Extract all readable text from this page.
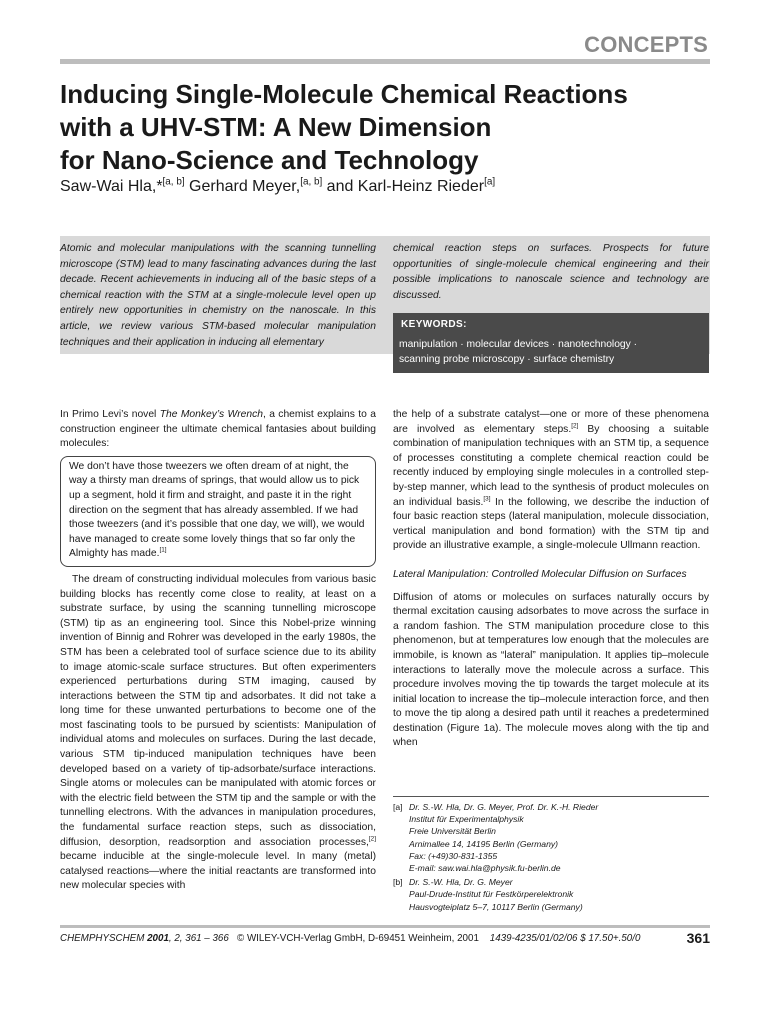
CONCEPTS
Inducing Single-Molecule Chemical Reactions
with a UHV-STM: A New Dimension
for Nano-Science and Technology
Saw-Wai Hla,*[a, b] Gerhard Meyer,[a, b] and Karl-Heinz Rieder[a]
Atomic and molecular manipulations with the scanning tunnelling microscope (STM) lead to many fascinating advances during the last decade. Recent achievements in inducing all of the basic steps of a chemical reaction with the STM at a single-molecule level open up entirely new opportunities in chemistry on the nanoscale. In this article, we review various STM-based molecular manipulation techniques and their application in inducing all elementary
chemical reaction steps on surfaces. Prospects for future opportunities of single-molecule chemical engineering and their possible implications to nanoscale science and technology are discussed.
KEYWORDS:
manipulation · molecular devices · nanotechnology ·
scanning probe microscopy · surface chemistry

In Primo Levi’s novel The Monkey’s Wrench, a chemist explains to a construction engineer the ultimate chemical fantasies about building molecules:

We don’t have those tweezers we often dream of at night, the way a thirsty man dreams of springs, that would allow us to pick up a segment, hold it firm and straight, and paste it in the right direction on the segment that has already assembled. If we had those tweezers (and it’s possible that one day, we will), we would have managed to create some lovely things that so far only the Almighty has made.[1]

The dream of constructing individual molecules from various basic building blocks has recently come close to reality, at least on a substrate surface, by using the scanning tunnelling microscope (STM) tip as an engineering tool. Since this Nobel-prize winning invention of Binnig and Rohrer was developed in the early 1980s, the STM has been a celebrated tool of surface science due to its ability to image atomic-scale surface structures. But often experimenters experienced perturbations during STM imaging, caused by interactions between the STM tip and adsorbates. It did not take a long time for these unwanted perturbations to become one of the most fascinating tools to be pursued by scientists: Manipulation of individual atoms and molecules on surfaces. During the last decade, various STM tip-induced manipulation techniques have been developed based on a variety of tip-adsorbate/surface interactions. Single atoms or molecules can be manipulated with atomic forces or with the electric field between the STM tip and the sample or with the tunnelling electrons. With the advances in manipulation procedures, the fundamental surface reaction steps, such as dissociation, diffusion, desorption, readsorption and association processes,[2] became inducible at the single-molecule level. In many (metal) catalysed reactions—where the initial reactants are transformed into new molecular species with

the help of a substrate catalyst—one or more of these phenomena are involved as elementary steps.[2] By choosing a suitable combination of manipulation techniques with an STM tip, a sequence of processes constituting a complete chemical reaction could be recently induced by employing single molecules in a controlled step-by-step manner, which lead to the synthesis of product molecules on an individual basis.[3] In the following, we describe the induction of four basic reaction steps (lateral manipulation, molecule dissociation, vertical manipulation and bond formation) with the STM tip and provide an illustrative example, a single-molecule Ullmann reaction.

Lateral Manipulation: Controlled Molecular Diffusion on Surfaces

Diffusion of atoms or molecules on surfaces naturally occurs by thermal excitation causing adsorbates to move across the surface in a random fashion. The STM manipulation procedure close to this phenomenon, but at temperatures low enough that the molecules are immobile, is known as “lateral” manipulation. It applies tip–molecule interactions to laterally move the molecule across a surface. This procedure involves moving the tip towards the target molecule at its initial location to increase the tip–molecule interaction force, and then to move the tip along a desired path until it reaches a predetermined destination (Figure 1a). The molecule moves along with the tip and when

[a] Dr. S.-W. Hla, Dr. G. Meyer, Prof. Dr. K.-H. Rieder
Institut für Experimentalphysik
Freie Universität Berlin
Arnimallee 14, 14195 Berlin (Germany)
Fax: (+49)30-831-1355
E-mail: saw.wai.hla@physik.fu-berlin.de
[b] Dr. S.-W. Hla, Dr. G. Meyer
Paul-Drude-Institut für Festkörperelektronik
Hausvogteiplatz 5–7, 10117 Berlin (Germany)
CHEMPHYSCHEM 2001, 2, 361 – 366 © WILEY-VCH-Verlag GmbH, D-69451 Weinheim, 2001 1439-4235/01/02/06 $ 17.50+.50/0	361
